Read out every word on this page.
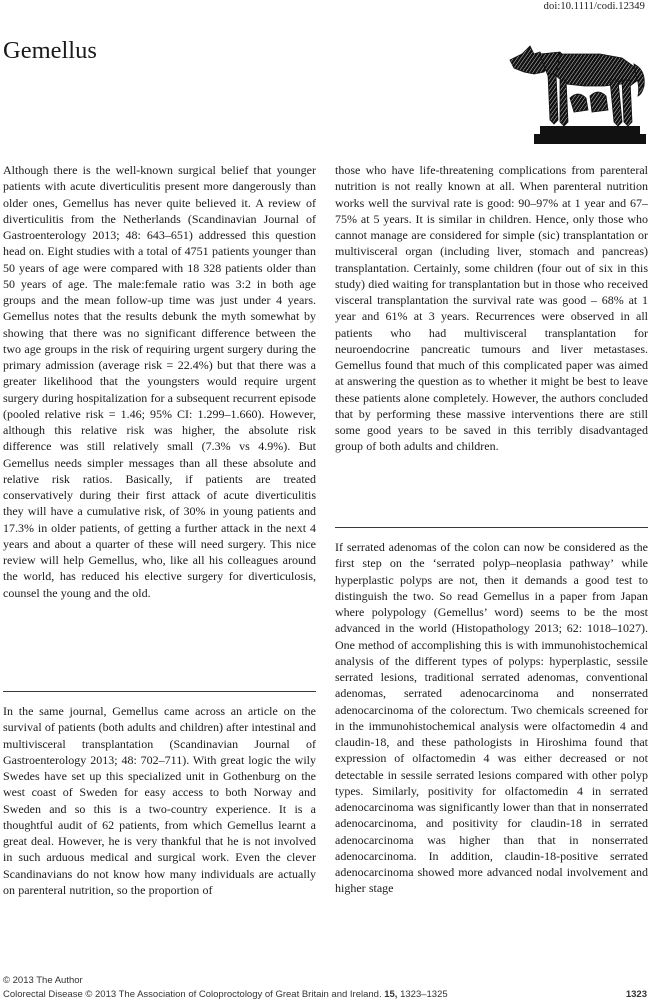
doi:10.1111/codi.12349
Gemellus

Although there is the well-known surgical belief that younger patients with acute diverticulitis present more dangerously than older ones, Gemellus has never quite believed it. A review of diverticulitis from the Netherlands (Scandinavian Journal of Gastroenterology 2013; 48: 643–651) addressed this question head on. Eight studies with a total of 4751 patients younger than 50 years of age were compared with 18 328 patients older than 50 years of age. The male:female ratio was 3:2 in both age groups and the mean follow-up time was just under 4 years. Gemellus notes that the results debunk the myth somewhat by showing that there was no significant difference between the two age groups in the risk of requiring urgent surgery during the primary admission (average risk = 22.4%) but that there was a greater likelihood that the youngsters would require urgent surgery during hospitalization for a subsequent recurrent episode (pooled relative risk = 1.46; 95% CI: 1.299–1.660). However, although this relative risk was higher, the absolute risk difference was still relatively small (7.3% vs 4.9%). But Gemellus needs simpler messages than all these absolute and relative risk ratios. Basically, if patients are treated conservatively during their first attack of acute diverticulitis they will have a cumulative risk, of 30% in young patients and 17.3% in older patients, of getting a further attack in the next 4 years and about a quarter of these will need surgery. This nice review will help Gemellus, who, like all his colleagues around the world, has reduced his elective surgery for diverticulosis, counsel the young and the old.

In the same journal, Gemellus came across an article on the survival of patients (both adults and children) after intestinal and multivisceral transplantation (Scandinavian Journal of Gastroenterology 2013; 48: 702–711). With great logic the wily Swedes have set up this specialized unit in Gothenburg on the west coast of Sweden for easy access to both Norway and Sweden and so this is a two-country experience. It is a thoughtful audit of 62 patients, from which Gemellus learnt a great deal. However, he is very thankful that he is not involved in such arduous medical and surgical work. Even the clever Scandinavians do not know how many individuals are actually on parenteral nutrition, so the proportion of

those who have life-threatening complications from parenteral nutrition is not really known at all. When parenteral nutrition works well the survival rate is good: 90–97% at 1 year and 67–75% at 5 years. It is similar in children. Hence, only those who cannot manage are considered for simple (sic) transplantation or multivisceral organ (including liver, stomach and pancreas) transplantation. Certainly, some children (four out of six in this study) died waiting for transplantation but in those who received visceral transplantation the survival rate was good – 68% at 1 year and 61% at 3 years. Recurrences were observed in all patients who had multivisceral transplantation for neuroendocrine pancreatic tumours and liver metastases. Gemellus found that much of this complicated paper was aimed at answering the question as to whether it might be best to leave these patients alone completely. However, the authors concluded that by performing these massive interventions there are still some good years to be saved in this terribly disadvantaged group of both adults and children.

If serrated adenomas of the colon can now be considered as the first step on the ‘serrated polyp–neoplasia pathway’ while hyperplastic polyps are not, then it demands a good test to distinguish the two. So read Gemellus in a paper from Japan where polypology (Gemellus’ word) seems to be the most advanced in the world (Histopathology 2013; 62: 1018–1027). One method of accomplishing this is with immunohistochemical analysis of the different types of polyps: hyperplastic, sessile serrated lesions, traditional serrated adenomas, conventional adenomas, serrated adenocarcinoma and nonserrated adenocarcinoma of the colorectum. Two chemicals screened for in the immunohistochemical analysis were olfactomedin 4 and claudin-18, and these pathologists in Hiroshima found that expression of olfactomedin 4 was either decreased or not detectable in sessile serrated lesions compared with other polyp types. Similarly, positivity for olfactomedin 4 in serrated adenocarcinoma was significantly lower than that in nonserrated adenocarcinoma, and positivity for claudin-18 in serrated adenocarcinoma was higher than that in nonserrated adenocarcinoma. In addition, claudin-18-positive serrated adenocarcinoma showed more advanced nodal involvement and higher stage

© 2013 The Author
Colorectal Disease © 2013 The Association of Coloproctology of Great Britain and Ireland. 15, 1323–1325	1323
